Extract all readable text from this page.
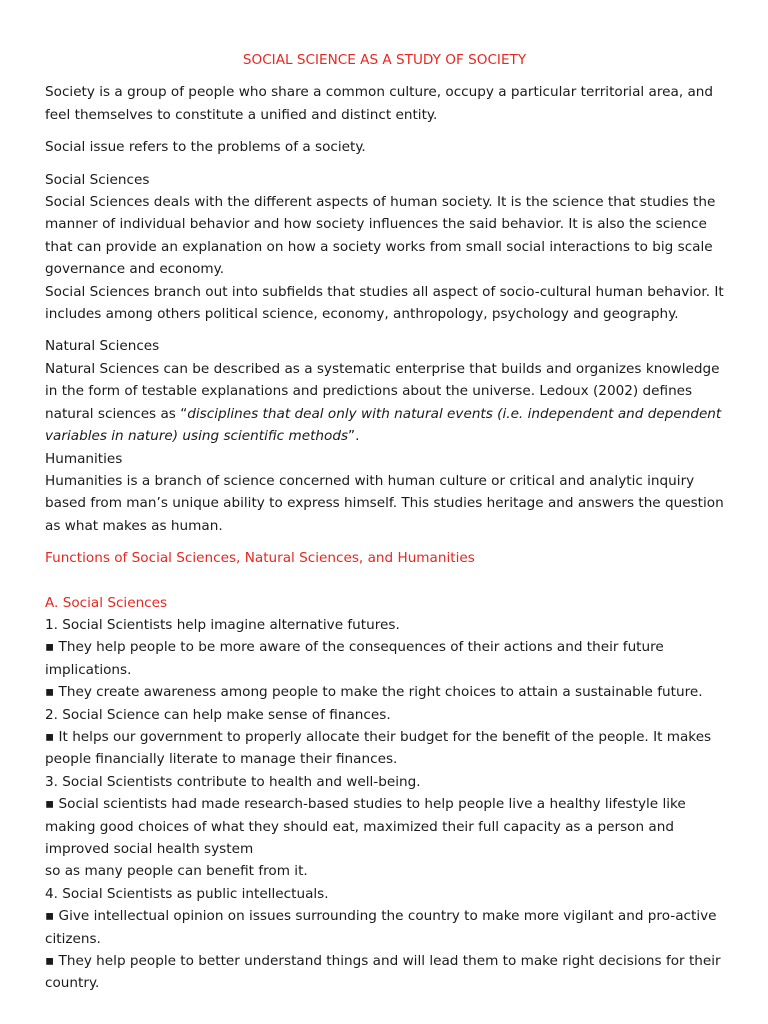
SOCIAL SCIENCE AS A STUDY OF SOCIETY

Society is a group of people who share a common culture, occupy a particular territorial area, and feel themselves to constitute a unified and distinct entity.

Social issue refers to the problems of a society.

Social Sciences

Social Sciences deals with the different aspects of human society. It is the science that studies the manner of individual behavior and how society influences the said behavior. It is also the science that can provide an explanation on how a society works from small social interactions to big scale governance and economy.

Social Sciences branch out into subfields that studies all aspect of socio-cultural human behavior. It includes among others political science, economy, anthropology, psychology and geography.

Natural Sciences

Natural Sciences can be described as a systematic enterprise that builds and organizes knowledge in the form of testable explanations and predictions about the universe. Ledoux (2002) defines natural sciences as “disciplines that deal only with natural events (i.e. independent and dependent variables in nature) using scientific methods”.

Humanities

Humanities is a branch of science concerned with human culture or critical and analytic inquiry based from man’s unique ability to express himself. This studies heritage and answers the question as what makes as human.

Functions of Social Sciences, Natural Sciences, and Humanities

A. Social Sciences

1. Social Scientists help imagine alternative futures.

▪ They help people to be more aware of the consequences of their actions and their future implications.

▪ They create awareness among people to make the right choices to attain a sustainable future.

2. Social Science can help make sense of finances.

▪ It helps our government to properly allocate their budget for the benefit of the people. It makes people financially literate to manage their finances.

3. Social Scientists contribute to health and well-being.

▪ Social scientists had made research-based studies to help people live a healthy lifestyle like making good choices of what they should eat, maximized their full capacity as a person and improved social health system

so as many people can benefit from it.

4. Social Scientists as public intellectuals.

▪ Give intellectual opinion on issues surrounding the country to make more vigilant and pro-active citizens.

▪ They help people to better understand things and will lead them to make right decisions for their country.
